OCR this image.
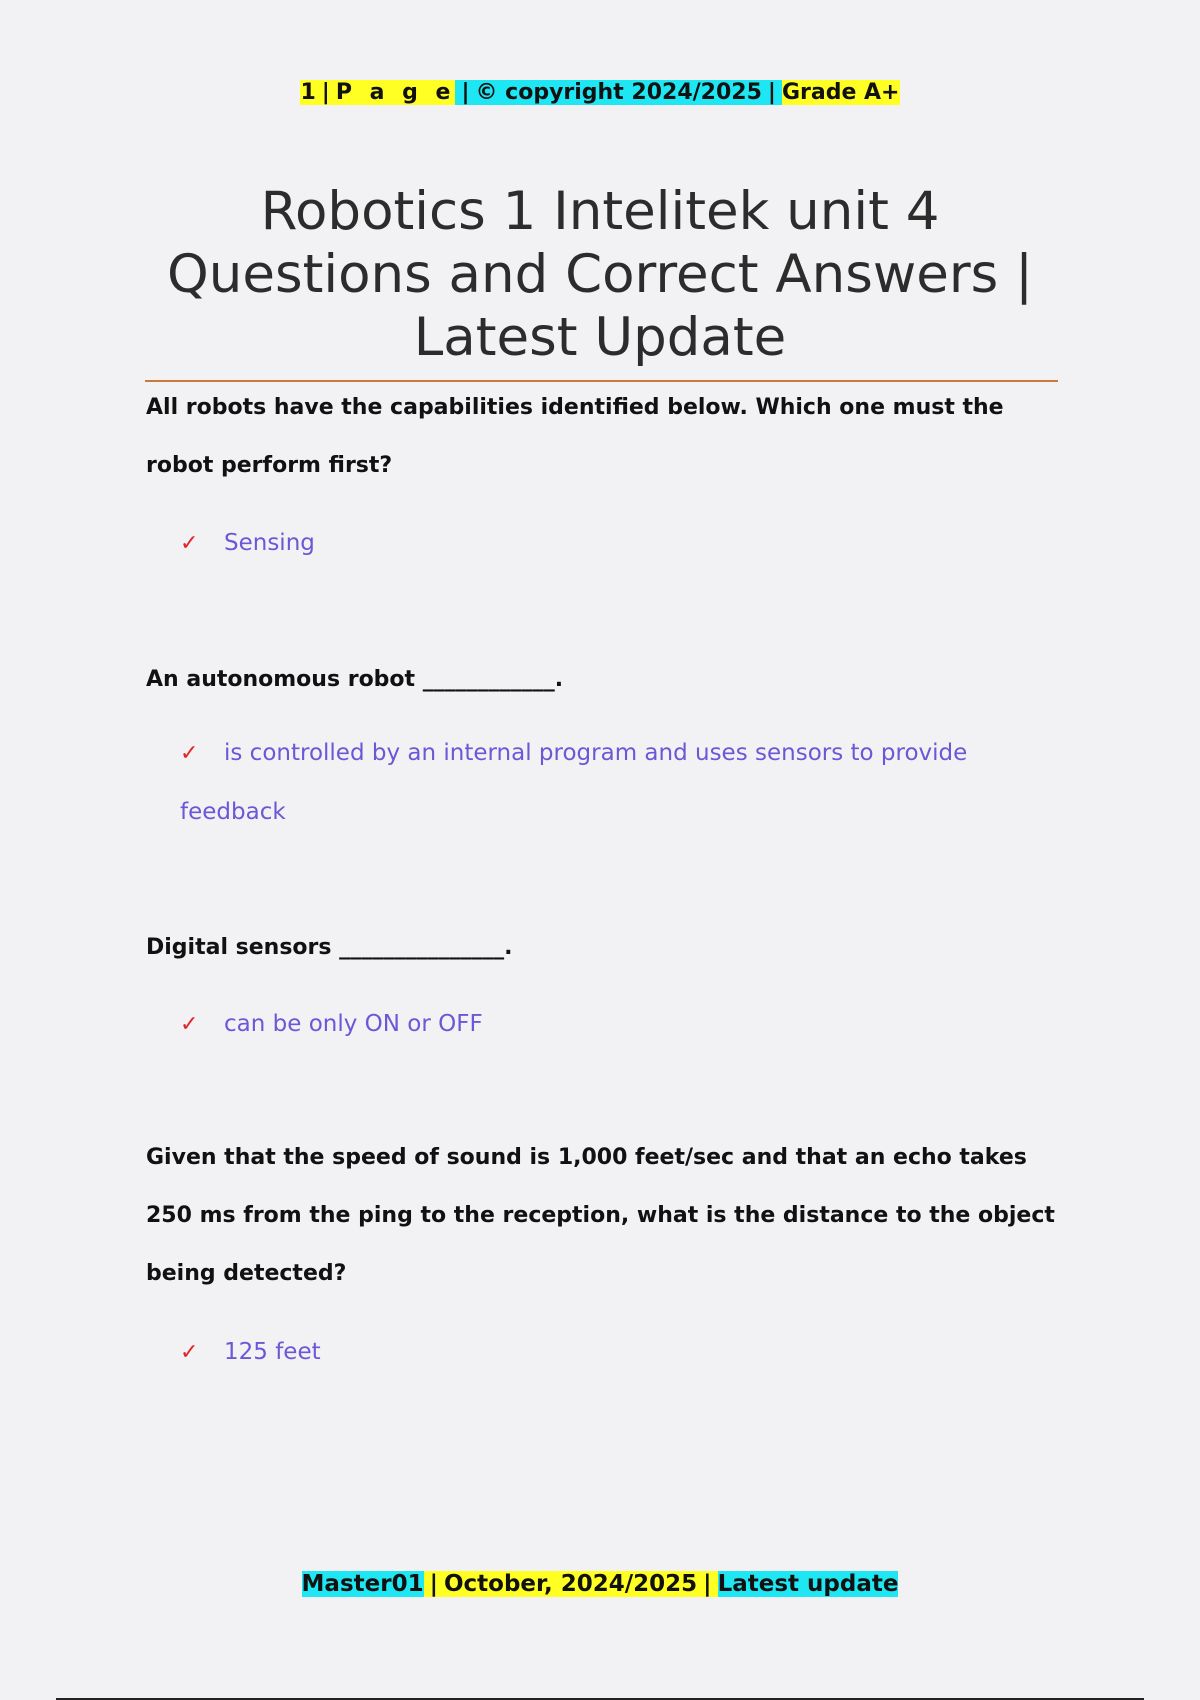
1 | P a g e | © copyright 2024/2025 | Grade A+
Robotics 1 Intelitek unit 4 Questions and Correct Answers | Latest Update

All robots have the capabilities identified below. Which one must the robot perform first?

✓ Sensing

An autonomous robot ____________.

✓ is controlled by an internal program and uses sensors to provide feedback

Digital sensors _______________.

✓ can be only ON or OFF

Given that the speed of sound is 1,000 feet/sec and that an echo takes 250 ms from the ping to the reception, what is the distance to the object being detected?

✓ 125 feet
Master01 | October, 2024/2025 | Latest update
